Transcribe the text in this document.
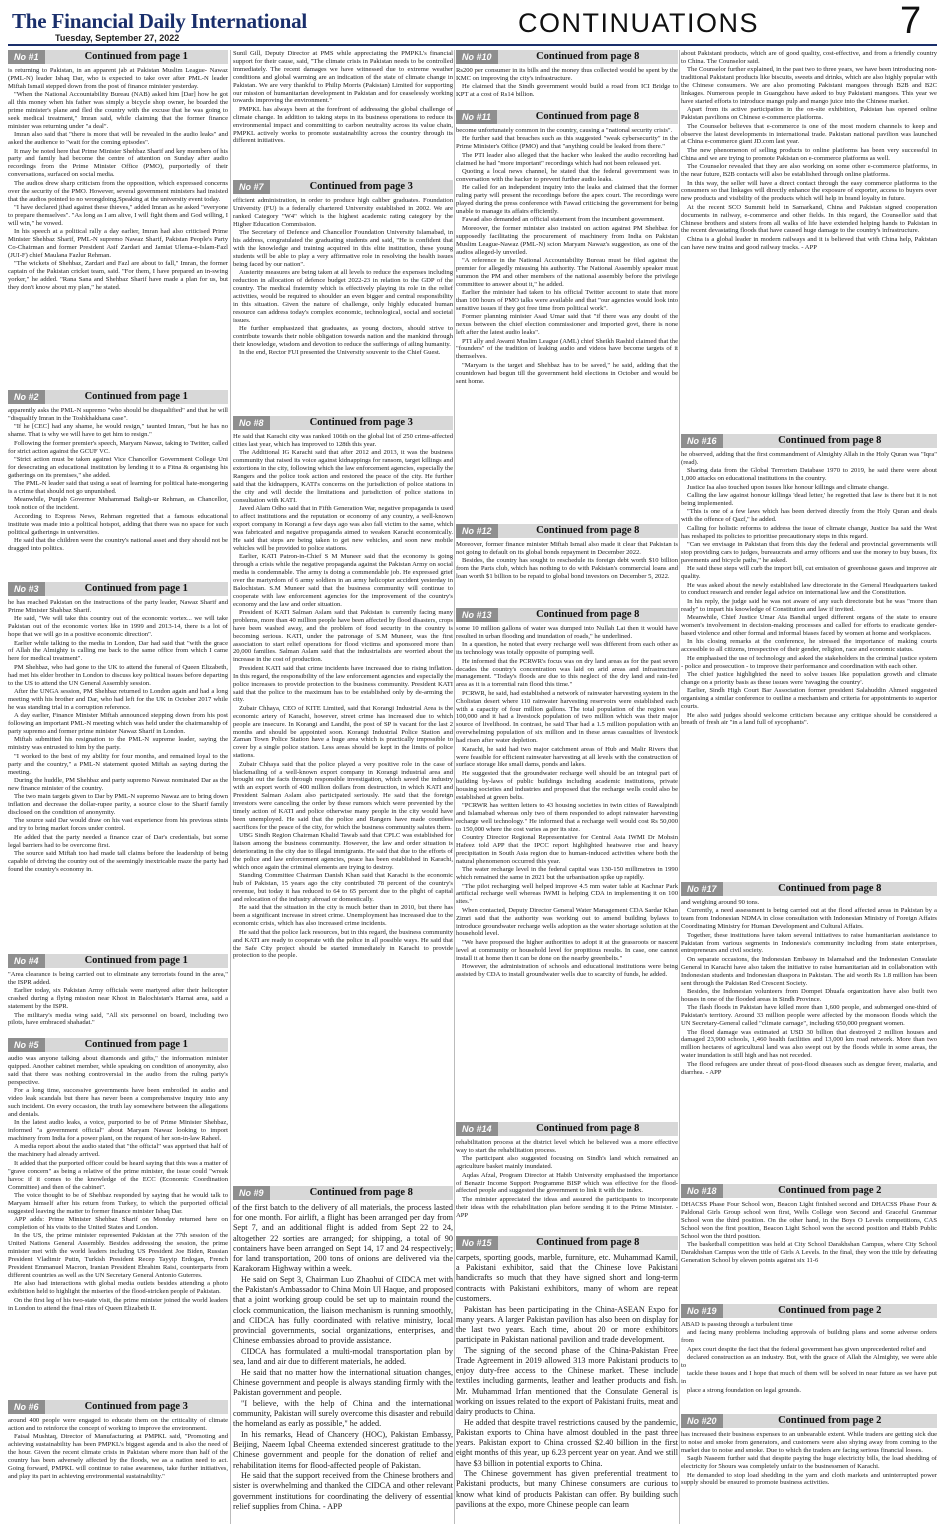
The Financial Daily International
Tuesday, September 27, 2022	CONTINUATIONS	7
No #1	Continued from page 1

is returning to Pakistan, in an apparent jab at Pakistan Muslim League- Nawaz (PML-N) leader Ishaq Dar, who is expected to take over after PML-N leader Miftah Ismail stepped down from the post of finance minister yesterday.

"When the National Accountability Bureau (NAB) asked him [Dar] how he got all this money when his father was simply a bicycle shop owner, he boarded the prime minister's plane and fled the country with the excuse that he was going to seek medical treatment," Imran said, while claiming that the former finance minister was returning under "a deal".

Imran also said that "there is more that will be revealed in the audio leaks" and asked the audience to "wait for the coming episodes".

It may be noted here that Prime Minister Shehbaz Sharif and key members of his party and family had become the centre of attention on Sunday after audio recordings from the Prime Minister Office (PMO), purportedly of their conversations, surfaced on social media.

The audios drew sharp criticism from the opposition, which expressed concerns over the security of the PMO. However, several government ministers had insisted that the audios pointed to no wrongdoing.Speaking at the university event today.

"I have declared jihad against these thieves," added Imran as he asked "everyone to prepare themselves". "As long as I am alive, I will fight them and God willing, I will win," he vowed.

In his speech at a political rally a day earlier, Imran had also criticised Prime Minister Shehbaz Sharif, PML-N supremo Nawaz Sharif, Pakistan People's Party Co-Chairman and former President Asif Zardari and Jamiat Ulema-e-Islam-Fazl (JUI-F) chief Maulana Fazlur Rehman.

"The wickets of Shehbaz, Zardari and Fazl are about to fall," Imran, the former captain of the Pakistan cricket team, said. "For them, I have prepared an in-swing yorker," he added. "Rana Sana and Shehbaz Sharif have made a plan for us, but they don't know about my plan," he stated.

No #2	Continued from page 1

apparently asks the PML-N supremo "who should be disqualified" and that he will "disqualify Imran in the Toshkhakhana case".

"If he [CEC] had any shame, he would resign," taunted Imran, "but he has no shame. That is why we will have to get him to resign."

Following the former premier's speech, Maryam Nawaz, taking to Twitter, called for strict action against the GCUF VC.

"Strict action must be taken against Vice Chancellor Government College Uni for desecrating an educational institution by lending it to a Fitna & organising his gatherings on its premises," she added.

The PML-N leader said that using a seat of learning for political hate-mongering is a crime that should not go unpunished.

Meanwhile, Punjab Governor Muhammad Baligh-ur Rehman, as Chancellor, took notice of the incident.

According to Express News, Rehman regretted that a famous educational institute was made into a political hotspot, adding that there was no space for such political gatherings in universities.

He said that the children were the country's national asset and they should not be dragged into politics.

No #3	Continued from page 1

he has reached Pakistan on the instructions of the party leader, Nawaz Sharif and Prime Minister Shahbaz Sharif.

He said, "We will take this country out of the economic vortex... we will take Pakistan out of the economic vortex like in 1999 and 2013-14, there is a lot of hope that we will go in a positive economic direction".

Earlier while talking to the media in London, Dar had said that "with the grace of Allah the Almighty is calling me back to the same office from which I came here for medical treatment".

PM Shehbaz, who had gone to the UK to attend the funeral of Queen Elizabeth, had met his elder brother in London to discuss key political issues before departing to the US to attend the UN General Assembly session.

After the UNGA session, PM Shehbaz returned to London again and had a long meeting with his brother and Dar, who had left for the UK in October 2017 while he was standing trial in a corruption reference.

A day earlier, Finance Minister Miftah announced stepping down from his post following an important PML-N meeting which was held under the chairmanship of party supremo and former prime minister Nawaz Sharif in London.

Miftah submitted his resignation to the PML-N supreme leader, saying the ministry was entrusted to him by the party.

"I worked to the best of my ability for four months, and remained loyal to the party and the country," a PML-N statement quoted Miftah as saying during the meeting.

During the huddle, PM Shehbaz and party supremo Nawaz nominated Dar as the new finance minister of the country.

The two main targets given to Dar by PML-N supremo Nawaz are to bring down inflation and decrease the dollar-rupee parity, a source close to the Sharif family disclosed on the condition of anonymity.

The source said Dar would draw on his vast experience from his previous stints and try to bring market forces under control.

He added that the party needed a finance czar of Dar's credentials, but some legal barriers had to be overcome first.

The source said Miftah too had made tall claims before the leadership of being capable of driving the country out of the seemingly inextricable maze the party had found the country's economy in.

No #4	Continued from page 1

"Area clearance is being carried out to eliminate any terrorists found in the area," the ISPR added.

Earlier today, six Pakistan Army officials were martyred after their helicopter crashed during a flying mission near Khost in Balochistan's Harnai area, said a statement by the ISPR.

The military's media wing said, "All six personnel on board, including two pilots, have embraced shahadat."

No #5	Continued from page 1

audio was anyone talking about diamonds and gifts," the information minister quipped. Another cabinet member, while speaking on condition of anonymity, also said that there was nothing controversial in the audio from the ruling party's perspective.

For a long time, successive governments have been embroiled in audio and video leak scandals but there has never been a comprehensive inquiry into any such incident. On every occasion, the truth lay somewhere between the allegations and denials.

In the latest audio leaks, a voice, purported to be of Prime Minister Shehbaz, informed "a government official" about Maryam Nawaz looking to import machinery from India for a power plant, on the request of her son-in-law Raheel.

A media report about the audio stated that "the official" was apprised that half of the machinery had already arrived.

It added that the purported officer could be heard saying that this was a matter of "grave concern" as being a relative of the prime minister, the issue could "wreak havoc if it comes to the knowledge of the ECC (Economic Coordination Committee) and then of the cabinet".

The voice thought to be of Shehbaz responded by saying that he would talk to Maryam himself after his return from Turkey, to which the purported official suggested leaving the matter to former finance minister Ishaq Dar.

APP adds: Prime Minister Shehbaz Sharif on Monday returned here on completion of his visits to the United States and London.

In the US, the prime minister represented Pakistan at the 77th session of the United Nations General Assembly. Besides addressing the session, the prime minister met with the world leaders including US President Joe Biden, Russian President Vladimir Putin, Turkish President Recep Tayyip Erdogan, French President Emmanuel Macron, Iranian President Ebrahim Raisi, counterparts from different countries as well as the UN Secretary General Antonio Guterres.

He also had interactions with global media outlets besides attending a photo exhibition held to highlight the miseries of the flood-stricken people of Pakistan.

On the first leg of his two-state visit, the prime minister joined the world leaders in London to attend the final rites of Queen Elizabeth II.

No #6	Continued from page 3

around 400 people were engaged to educate them on the criticality of climate action and to reinforce the concept of working to improve the environment.

Faisal Mushtaq, Director of Manufacturing at PMPKL said, "Promoting and achieving sustainability has been PMPKL's biggest agenda and is also the need of the hour. Given the recent climate crisis in Pakistan where more than half of the country has been adversely affected by the floods, we as a nation need to act. Going forward, PMPKL will continue to raise awareness, take further initiatives, and play its part in achieving environmental sustainability."

Sunil Gill, Deputy Director at PMS while appreciating the PMPKL's financial support for their cause, said, "The climate crisis in Pakistan needs to be controlled immediately. The recent damages we have witnessed due to extreme weather conditions and global warming are an indication of the state of climate change in Pakistan. We are very thankful to Philip Morris (Pakistan) Limited for supporting our mission of humanitarian development in Pakistan and for ceaselessly working towards improving the environment."

PMPKL has always been at the forefront of addressing the global challenge of climate change. In addition to taking steps in its business operations to reduce its environmental impact and committing to carbon neutrality across its value chain, PMPKL actively works to promote sustainability across the country through its different initiatives.

No #7	Continued from page 3

efficient administration, in order to produce high caliber graduates. Foundation University (FU) is a federally chartered University established in 2002. We are ranked Category "W4" which is the highest academic rating category by the Higher Education Commission.

The Secretary of Defence and Chancellor Foundation University Islamabad, in his address, congratulated the graduating students and said, "He is confident that with the knowledge and training acquired in this elite institution, these young students will be able to play a very affirmative role in resolving the health issues being faced by our nation".

Austerity measures are being taken at all levels to reduce the expenses including reduction in allocation of defence budget 2022-23 in relation to the GDP of the country. The medical fraternity which is effectively playing its role in the relief activities, would be required to shoulder an even bigger and central responsibility in this situation. Given the nature of challenge, only highly educated human resource can address today's complex economic, technological, social and societal issues.

He further emphasized that graduates, as young doctors, should strive to contribute towards their noble obligation towards nation and the mankind through their knowledge, wisdom and devotion to reduce the sufferings of ailing humanity.

In the end, Rector FUI presented the University souvenir to the Chief Guest.

No #8	Continued from page 3

He said that Karachi city was ranked 106th on the global list of 250 crime-affected cities last year, which has improved to 128th this year.

The Additional IG Karachi said that after 2012 and 2013, it was the business community that raised its voice against kidnappings for ransom, target killings and extortions in the city, following which the law enforcement agencies, especially the Rangers and the police took action and restored the peace of the city. He further said that the kidnappers, KATI's concerns on the jurisdiction of police stations in the city and will decide the limitations and jurisdiction of police stations in consultation with KATI.

Javed Alam Odho said that in Fifth Generation War, negative propaganda is used to affect institutions and the reputation or economy of any country, a well-known export company in Korangi a few days ago was also fall victim to the same, which was fabricated and negative propaganda aimed to weaken Karachi economically. He said that steps are being taken to get new vehicles, and soon new mobile vehicles will be provided to police stations.

Earlier, KATI Patron-in-Chief S M Muneer said that the economy is going through a crisis while the negative propaganda against the Pakistan Army on social media is condemnable. The army is doing a commendable job. He expressed grief over the martyrdom of 6 army soldiers in an army helicopter accident yesterday in Balochistan. S.M Muneer said that the business community will continue to cooperate with law enforcement agencies for the improvement of the country's economy and the law and order situation.

President of KATI Salman Aslam said that Pakistan is currently facing many problems, more than 40 million people have been affected by flood disasters, crops have been washed away, and the problem of food security in the country is becoming serious. KATI, under the patronage of S.M Muneer, was the first association to start relief operations for flood victims and sponsored more than 20,000 families. Salman Aslam said that the industrialists are worried about the increase in the cost of production.

President KATI said that crime incidents have increased due to rising inflation. In this regard, the responsibility of the law enforcement agencies and especially the police increases to provide protection to the business community. President KATI said that the police to the maximum has to be established only by de-arming the city.

Zubair Chhaya, CEO of KITE Limited, said that Korangi Industrial Area is the economic artery of Karachi, however, street crime has increased due to which people are insecure. In Korangi and Landhi, the post of SP is vacant for the last 2 months and should be appointed soon. Korangi Industrial Police Station and Zaman Town Police Station have a huge area which is practically impossible to cover by a single police station. Less areas should be kept in the limits of police stations.

Zubair Chhaya said that the police played a very positive role in the case of blackmailing of a well-known export company in Korangi industrial area and brought out the facts through responsible investigation, which saved the industry with an export worth of 400 million dollars from destruction, in which KATI and President Salman Aslam also participated seriously. He said that the foreign investors were canceling the order by these rumors which were prevented by the timely action of KATI and police otherwise many people in the city would have been unemployed. He said that the police and Rangers have made countless sacrifices for the peace of the city, for which the business community salutes them.

UBG Sindh Region Chairman Khalid Tawab said that CPLC was established for liaison among the business community. However, the law and order situation is deteriorating in the city due to illegal immigrants. He said that due to the efforts of the police and law enforcement agencies, peace has been established in Karachi, which once again the criminal elements are trying to destroy.

Standing Committee Chairman Danish Khan said that Karachi is the economic hub of Pakistan, 15 years ago the city contributed 78 percent of the country's revenue, but today it has reduced to 64 to 65 percent due to the plight of capital and relocation of the industry abroad or domestically.

He said that the situation in the city is much better than in 2010, but there has been a significant increase in street crime. Unemployment has increased due to the economic crisis, which has also increased crime incidents.

He said that the police lack resources, but in this regard, the business community and KATI are ready to cooperate with the police in all possible ways. He said that the Safe City project should be started immediately in Karachi to provide protection to the people.

No #9	Continued from page 8

of the first batch to the delivery of all materials, the process lasted for one month. For airlift, a flight has been arranged per day from Sept 7, and an additional flight is added from Sept 22 to 24, altogether 22 sorties are arranged; for shipping, a total of 90 containers have been arranged on Sept 14, 17 and 24 respectively; for land transportation, 200 tons of onions are delivered via the Karakoram Highway within a week.

He said on Sept 3, Chairman Luo Zhaohui of CIDCA met with the Pakistan's Ambassador to China Moin Ul Haque, and proposed that a joint working group could be set up to maintain round the clock communication, the liaison mechanism is running smoothly, and CIDCA has fully coordinated with relative ministry, local provincial governments, social organizations, enterprises, and Chinese embassies abroad to provide assistance.

CIDCA has formulated a multi-modal transportation plan by sea, land and air due to different materials, he added.

He said that no matter how the international situation changes, Chinese government and people is always standing firmly with the Pakistan government and people.

"I believe, with the help of China and the international community, Pakistan will surely overcome this disaster and rebuild the homeland as early as possible," he added.

In his remarks, Head of Chancery (HOC), Pakistan Embassy, Beijing, Naeem Iqbal Cheema extended sincerest gratitude to the Chinese government and people for the donation of relief and rehabilitation items for flood-affected people of Pakistan.

He said that the support received from the Chinese brothers and sister is overwhelming and thanked the CIDCA and other relevant government institutions for coordinating the delivery of essential relief supplies from China. - APP

No #10	Continued from page 8

Rs200 per consumer in its bills and the money thus collected would be spent by the KMC on improving the city's infrastructure.

He claimed that the Sindh government would build a road from ICI Bridge to KPT at a cost of Rs14 billion.

No #11	Continued from page 8

become unfortunately common in the country, causing a "national security crisis".

He further said that breaches such as this suggested "weak cybersecurity" in the Prime Minister's Office (PMO) and that "anything could be leaked from there."

The PTI leader also alleged that the hacker who leaked the audio recording had claimed he had "more important" recordings which had not been released yet.

Quoting a local news channel, he stated that the federal government was in conversation with the hacker to prevent further audio leaks.

He called for an independent inquiry into the leaks and claimed that the former ruling party will present the recordings before the apex court. The recordings were played during the press conference with Fawad criticising the government for being unable to manage its affairs efficiently.

Fawad also demanded an official statement from the incumbent government.

Moreover, the former minister also insisted on action against PM Shehbaz for supposedly facilitating the procurement of machinery from India on Pakistan Muslim League-Nawaz (PML-N) scion Maryam Nawaz's suggestion, as one of the audios alleged-ly unveiled.

"A reference in the National Accountability Bureau must be filed against the premier for allegedly misusing his authority. The National Assembly speaker must summon the PM and other members of the national assembly before the privilege committee to answer about it," he added.

Earlier the minister had taken to his official Twitter account to state that more than 100 hours of PMO talks were available and that "our agencies would look into sensitive issues if they got free time from political work".

Former planning minister Asad Umar said that "if there was any doubt of the nexus between the chief election commissioner and imported govt, there is none left after the latest audio leaks".

PTI ally and Awami Muslim League (AML) chief Sheikh Rashid claimed that the "founders" of the tradition of leaking audio and videos have become targets of it themselves.

"Maryam is the target and Shehbaz has to be saved," he said, adding that the countdown had begun till the government held elections in October and would be sent home.

No #12	Continued from page 8

Moreover, former finance minister Miftah Ismail also made it clear that Pakistan is not going to default on its global bonds repayment in December 2022.

Besides, the country has sought to reschedule its foreign debt worth $10 billion from the Paris club, which has nothing to do with Pakistan's commercial loans and loan worth $1 billion to be repaid to global bond investors on December 5, 2022.

No #13	Continued from page 8

some 10 million gallons of water was dumped into Nullah Lai then it would have resulted in urban flooding and inundation of roads," he underlined.

In a question, he noted that every recharge well was different from each other as its technology was totally opposite of pumping well.

He informed that the PCRWR's focus was on dry land areas as for the past seven decades the country's concentration was laid on arid areas and infrastructure management. "Today's floods are due to this neglect of the dry land and rain-fed area as it is a torrential rain flood this time."

PCRWR, he said, had established a network of rainwater harvesting system in the Cholistan desert where 110 rainwater harvesting reservoirs were established each with a capacity of four million gallons. The total population of the region was 100,000 and it had a livestock population of two million which was their major source of livelihood. In contrast, he said Thar had a 1.5 million population with an overwhelming population of six million and in these areas casualties of livestock had risen after water depletion.

Karachi, he said had two major catchment areas of Hub and Malir Rivers that were feasible for efficient rainwater harvesting at all levels with the construction of surface storage like small dams, ponds and lakes.

He suggested that the groundwater recharge well should be an integral part of building by-laws of public buildings including academic institutions, private housing societies and industries and proposed that the recharge wells could also be established at green belts.

"PCRWR has written letters to 43 housing societies in twin cities of Rawalpindi and Islamabad whereas only two of them responded to adopt rainwater harvesting recharge well technology." He informed that a recharge well would cost Rs 50,000 to 150,000 where the cost varies as per its size.

Country Director Regional Representative for Central Asia IWMI Dr Mohsin Hafeez told APP that the IPCC report highlighted heatwave rise and heavy precipitation in South Asia region due to human-induced activities where both the natural phenomenon occurred this year.

The water recharge level in the federal capital was 130-150 millimetres in 1990 which remained the same in 2021 but the urbanisation spike up rapidly.

"The pilot recharging well helped improve 4.5 mm water table at Kachnar Park artificial recharge well whereas IWMI is helping CDA in implementing it on 100 sites."

When contacted, Deputy Director General Water Management CDA Sardar Khan Zimri said that the authority was working out to amend building bylaws to introduce groundwater recharge wells adoption as the water shortage solution at the household level.

"We have proposed the higher authorities to adopt it at the grassroots or nascent level at community or household level for propitious results. In case, one cannot install it at home then it can be done on the nearby greenbelts."

However, the administration of schools and educational institutions were being assisted by CDA to install groundwater wells due to scarcity of funds, he added.

No #14	Continued from page 8

rehabilitation process at the district level which he believed was a more effective way to start the rehabilitation process.

The participant also suggested focusing on Sindh's land which remained an agriculture basket mainly inundated.

Aqdas Afzal, Program Director at Habib University emphasised the importance of Benazir Income Support Programme BISP which was effective for the flood-affected people and suggested the government to link it with the index.

The minister appreciated the ideas and assured the participants to incorporate their ideas with the rehabilitation plan before sending it to the Prime Minister. - APP

No #15	Continued from page 8

carpets, sporting goods, marble, furniture, etc. Muhammad Kamil, a Pakistani exhibitor, said that the Chinese love Pakistani handicrafts so much that they have signed short and long-term contracts with Pakistani exhibitors, many of whom are repeat customers.

Pakistan has been participating in the China-ASEAN Expo for many years. A larger Pakistan pavilion has also been on display for the last two years. Each time, about 20 or more exhibitors participate in Pakistan national pavilion and trade development.

The signing of the second phase of the China-Pakistan Free Trade Agreement in 2019 allowed 313 more Pakistani products to enjoy duty-free access to the Chinese market. These include textiles including garments, leather and leather products and fish. Mr. Muhammad Irfan mentioned that the Consulate General is working on issues related to the export of Pakistani fruits, meat and dairy products to China.

He added that despite travel restrictions caused by the pandemic, Pakistan exports to China have almost doubled in the past three years. Pakistan export to China crossed $2.40 billion in the first eight months of this year, up 6.23 percent year on year. And we still have $3 billion in potential exports to China.

The Chinese government has given preferential treatment to Pakistani products, but many Chinese consumers are curious to know what kind of products Pakistan can offer. By building such pavilions at the expo, more Chinese people can learn

about Pakistani products, which are of good quality, cost-effective, and from a friendly country to China. The Counselor said.

The Counselor further explained, in the past two to three years, we have been introducing non-traditional Pakistani products like biscuits, sweets and drinks, which are also highly popular with the Chinese consumers. We are also promoting Pakistani mangoes through B2B and B2C linkages. Numerous people in Guangzhou have asked to buy Pakistani mangoes. This year we have started efforts to introduce mango pulp and mango juice into the Chinese market.

Apart from its active participation in the on-site exhibition, Pakistan has opened online Pakistan pavilions on Chinese e-commerce platforms.

The Counselor believes that e-commerce is one of the most modern channels to keep and observe the latest developments in international trade. Pakistan national pavilion was launched at China e-commerce giant JD.com last year.

The new phenomenon of selling products to online platforms has been very successful in China and we are trying to promote Pakistan on e-commerce platforms as well.

The Counselor revealed that they are also working on some other e-commerce platforms, in the near future, B2B contacts will also be established through online platforms.

In this way, the seller will have a direct contact through the easy commerce platforms to the consumers so that linkages will directly enhance the exposure of exporter, access to buyers over new products and visibility of the products which will help in brand loyalty in future.

At the recent SCO Summit held in Samarkand, China and Pakistan signed cooperation documents in railway, e-commerce and other fields. In this regard, the Counsellor said that Chinese brothers and sisters from all walks of life have extended helping hands to Pakistan in the recent devastating floods that have caused huge damage to the country's infrastructure.

China is a global leader in modern railways and it is believed that with China help, Pakistan can have new trains and good railway tracks. - APP

No #16	Continued from page 8

he observed, adding that the first commandment of Almighty Allah in the Holy Quran was "Iqra" (read).

Sharing data from the Global Terrorism Database 1970 to 2019, he said there were about 1,000 attacks on educational institutions in the country.

Justice Isa also touched upon issues like honour killings and climate change.

Calling the law against honour killings 'dead letter,' he regretted that law is there but it is not being implemented.

"This is one of a few laws which has been derived directly from the Holy Quran and deals with the offence of Qazf," he added.

Calling for holistic reforms to address the issue of climate change, Justice Isa said the West has reshaped its policies to prioritise precautionary steps in this regard.

"Can we envisage in Pakistan that from this day the federal and provincial governments will stop providing cars to judges, bureaucrats and army officers and use the money to buy buses, fix pavements and bicycle paths," he asked.

He said these steps will curb the import bill, cut emission of greenhouse gases and improve air quality.

He was asked about the newly established law directorate in the General Headquarters tasked to conduct research and render legal advice on international law and the Constitution.

In his reply, the judge said he was not aware of any such directorate but he was "more than ready" to impart his knowledge of Constitution and law if invited.

Meanwhile, Chief Justice Umar Ata Bandial urged different organs of the state to ensure women's involvement in decision-making processes and called for efforts to eradicate gender-based violence and other formal and informal biases faced by women at home and workplaces.

In his closing remarks at the conference, he stressed the importance of making courts accessible to all citizens, irrespective of their gender, religion, race and economic status.

He emphasised the use of technology and asked the stakeholders in the criminal justice system - police and prosecution - to improve their performance and coordination with each other.

The chief justice highlighted the need to solve issues like population growth and climate change on a priority basis as these issues were 'ravaging the country'.

Earlier, Sindh High Court Bar Association former president Salahuddin Ahmed suggested organising a similar conference to outline a mechanism and criteria for appointments to superior courts.

He also said judges should welcome criticism because any critique should be considered a breath of fresh air "in a land full of sycophants".

No #17	Continued from page 8

and weighing around 90 tons.

Currently, a need assessment is being carried out at the flood affected areas in Pakistan by a team from Indonesian NDMA in close consultation with Indonesian Ministry of Foreign Affairs Coordinating Ministry for Human Development and Cultural Affairs.

Together, these institutions have taken several initiatives to raise humanitarian assistance to Pakistan from various segments in Indonesia's community including from state enterprises, entrepreneurs and civil society.

On separate occasions, the Indonesian Embassy in Islamabad and the Indonesian Consulate General in Karachi have also taken the initiative to raise humanitarian aid in collaboration with Indonesian students and Indonesian diaspora in Pakistan. The aid worth Rs 1.8 million has been sent through the Pakistan Red Crescent Society.

Besides, the Indonesian volunteers from Dompet Dhuafa organization have also built two houses in one of the flooded areas in Sindh Province.

The flash floods in Pakistan have killed more than 1,600 people, and submerged one-third of Pakistan's territory. Around 33 million people were affected by the monsoon floods which the UN Secretary-General called "climate carnage", including 650,000 pregnant women.

The flood damage was estimated at USD 30 billion that destroyed 2 million houses and damaged 23,900 schools, 1,460 health facilities and 13,000 km road network. More than two million hectares of agricultural land was also swept out by the floods while in some areas, the water inundation is still high and has not receded.

The flood refugees are under threat of post-flood diseases such as dengue fever, malaria, and diarrhea. - APP

No #18	Continued from page 2

DHACSS Phase Four School won, Beacon Light finished second and DHACSS Phase Four & Paldonal Girls Group school won first, Wells College won Second and Graceful Grammar School won the third position. On the other hand, in the Boys O Levels competitions, CAS School won the first position, Beacon Light School won the second position and Habib Public School won the third position.

The basketball competition was held at City School Darakhshan Campus, where City School Darakhshan Campus won the title of Girls A Levels. In the final, they won the title by defeating Generation School by eleven points against six 11-6

No #19	Continued from page 2

ABAD is passing through a turbulent time

and facing many problems including approvals of building plans and some adverse orders from

Apex court despite the fact that the federal government has given unprecedented relief and

declared construction as an industry. But, with the grace of Allah the Almighty, we were able to

tackle these issues and I hope that much of them will be solved in near future as we have put in

place a strong foundation on legal grounds.

No #20	Continued from page 2

has increased their business expenses to an unbearable extent. While traders are getting sick due to noise and smoke from generators, and customers were also shying away from coming to the market due to noise and smoke. Due to which the traders are facing serious financial losses.

Saqib Naseem further said that despite paying the huge electricity bills, the load shedding of electricity for 5hours was completely unfair to the businessmen of Karachi.

He demanded to stop load shedding in the yarn and cloth markets and uninterrupted power supply should be ensured to promote business activities.
